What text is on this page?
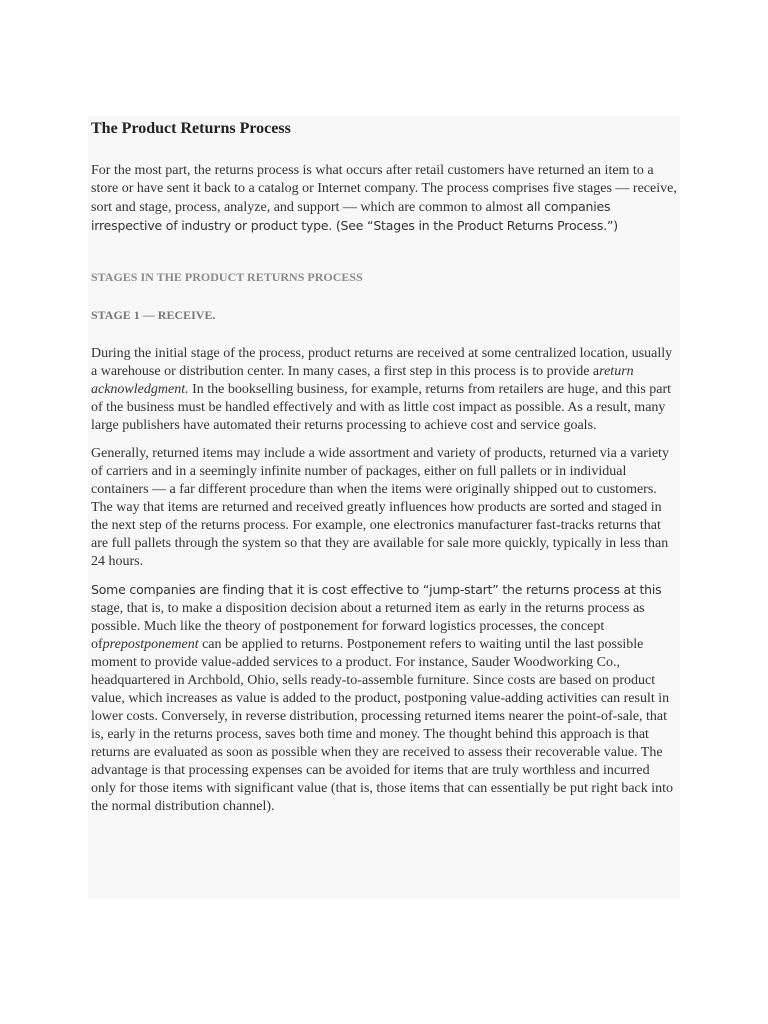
The Product Returns Process

For the most part, the returns process is what occurs after retail customers have returned an item to a store or have sent it back to a catalog or Internet company. The process comprises five stages — receive, sort and stage, process, analyze, and support — which are common to almost all companies irrespective of industry or product type. (See “Stages in the Product Returns Process.”)

STAGES IN THE PRODUCT RETURNS PROCESS
STAGE 1 — RECEIVE.

During the initial stage of the process, product returns are received at some centralized location, usually a warehouse or distribution center. In many cases, a first step in this process is to provide areturn acknowledgment. In the bookselling business, for example, returns from retailers are huge, and this part of the business must be handled effectively and with as little cost impact as possible. As a result, many large publishers have automated their returns processing to achieve cost and service goals.

Generally, returned items may include a wide assortment and variety of products, returned via a variety of carriers and in a seemingly infinite number of packages, either on full pallets or in individual containers — a far different procedure than when the items were originally shipped out to customers. The way that items are returned and received greatly influences how products are sorted and staged in the next step of the returns process. For example, one electronics manufacturer fast-tracks returns that are full pallets through the system so that they are available for sale more quickly, typically in less than 24 hours.

Some companies are finding that it is cost effective to “jump-start” the returns process at this stage, that is, to make a disposition decision about a returned item as early in the returns process as possible. Much like the theory of postponement for forward logistics processes, the concept ofprepostponement can be applied to returns. Postponement refers to waiting until the last possible moment to provide value-added services to a product. For instance, Sauder Woodworking Co., headquartered in Archbold, Ohio, sells ready-to-assemble furniture. Since costs are based on product value, which increases as value is added to the product, postponing value-adding activities can result in lower costs. Conversely, in reverse distribution, processing returned items nearer the point-of-sale, that is, early in the returns process, saves both time and money. The thought behind this approach is that returns are evaluated as soon as possible when they are received to assess their recoverable value. The advantage is that processing expenses can be avoided for items that are truly worthless and incurred only for those items with significant value (that is, those items that can essentially be put right back into the normal distribution channel).
